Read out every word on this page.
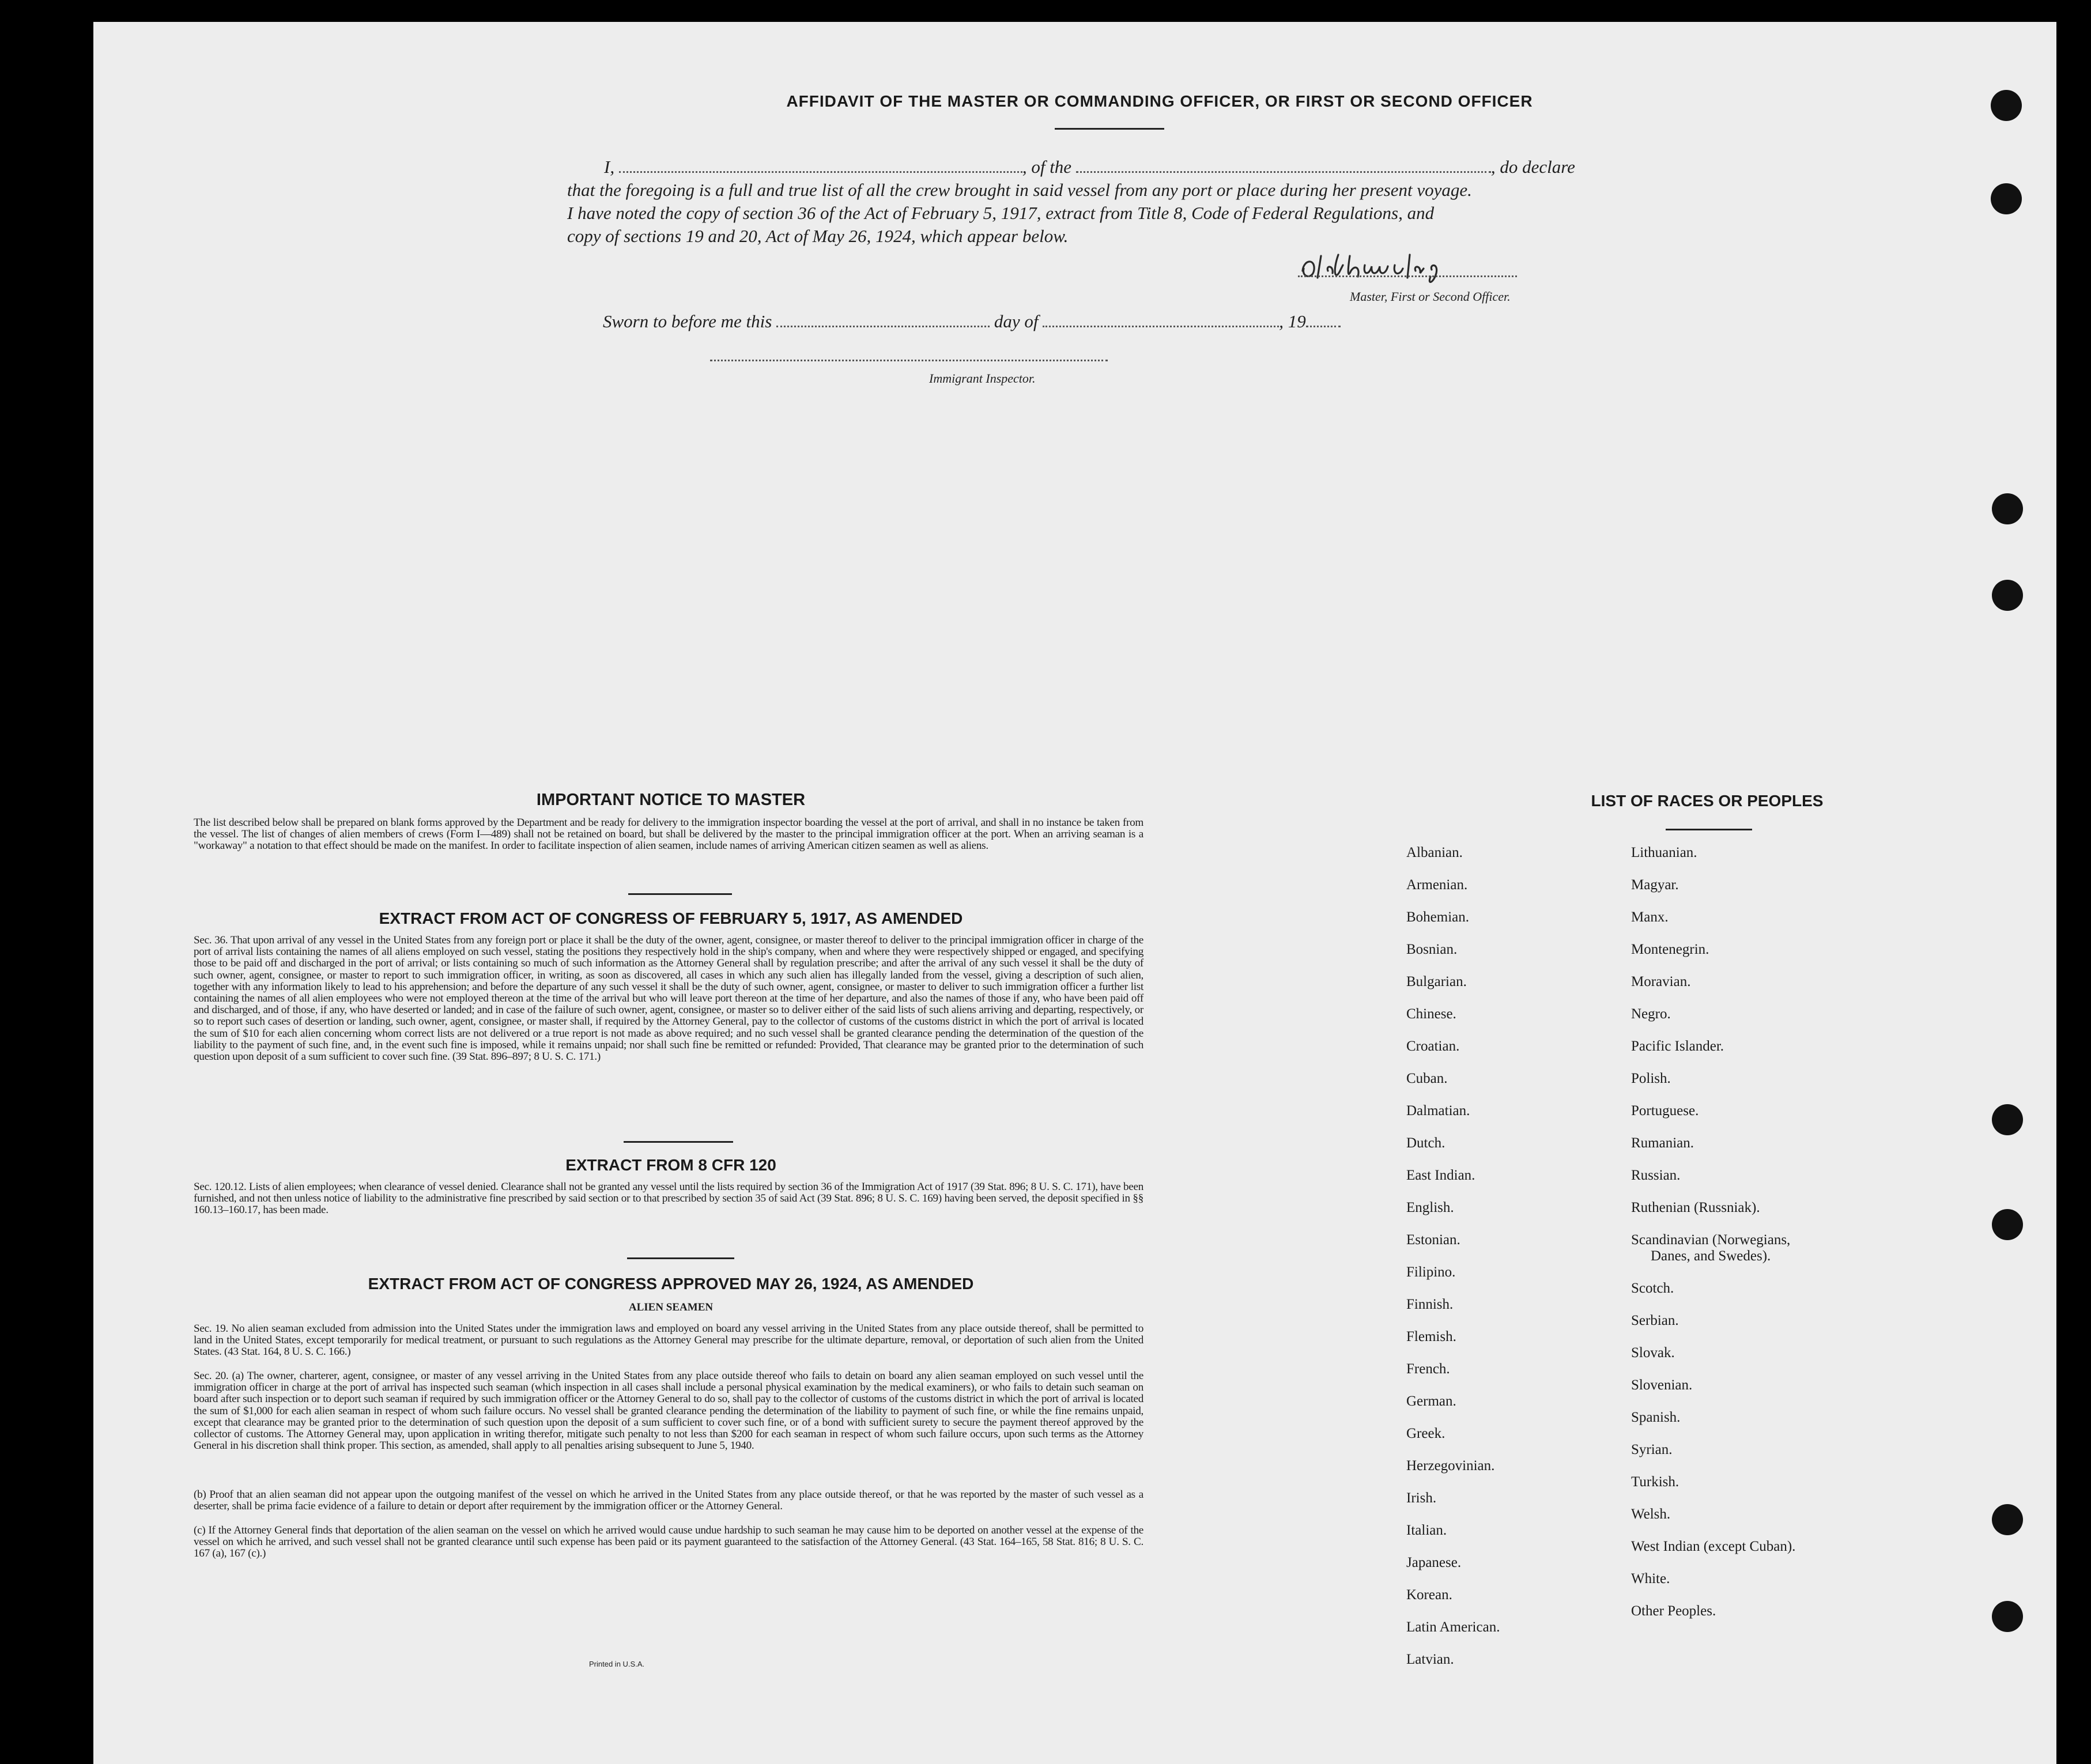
AFFIDAVIT OF THE MASTER OR COMMANDING OFFICER, OR FIRST OR SECOND OFFICER
I,	, of the	, do declare
that the foregoing is a full and true list of all the crew brought in said vessel from any port or place during her present voyage.
I have noted the copy of section 36 of the Act of February 5, 1917, extract from Title 8, Code of Federal Regulations, and
copy of sections 19 and 20, Act of May 26, 1924, which appear below.
Master, First or Second Officer.
Sworn to before me this	day of	, 19
Immigrant Inspector.
IMPORTANT NOTICE TO MASTER
The list described below shall be prepared on blank forms approved by the Department and be ready for delivery to the immigration inspector boarding the vessel at the port of arrival, and shall in no instance be taken from the vessel. The list of changes of alien members of crews (Form I—489) shall not be retained on board, but shall be delivered by the master to the principal immigration officer at the port. When an arriving seaman is a "workaway" a notation to that effect should be made on the manifest. In order to facilitate inspection of alien seamen, include names of arriving American citizen seamen as well as aliens.
EXTRACT FROM ACT OF CONGRESS OF FEBRUARY 5, 1917, AS AMENDED
Sec. 36. That upon arrival of any vessel in the United States from any foreign port or place it shall be the duty of the owner, agent, consignee, or master thereof to deliver to the principal immigration officer in charge of the port of arrival lists containing the names of all aliens employed on such vessel, stating the positions they respectively hold in the ship's company, when and where they were respectively shipped or engaged, and specifying those to be paid off and discharged in the port of arrival; or lists containing so much of such information as the Attorney General shall by regulation prescribe; and after the arrival of any such vessel it shall be the duty of such owner, agent, consignee, or master to report to such immigration officer, in writing, as soon as discovered, all cases in which any such alien has illegally landed from the vessel, giving a description of such alien, together with any information likely to lead to his apprehension; and before the departure of any such vessel it shall be the duty of such owner, agent, consignee, or master to deliver to such immigration officer a further list containing the names of all alien employees who were not employed thereon at the time of the arrival but who will leave port thereon at the time of her departure, and also the names of those if any, who have been paid off and discharged, and of those, if any, who have deserted or landed; and in case of the failure of such owner, agent, consignee, or master so to deliver either of the said lists of such aliens arriving and departing, respectively, or so to report such cases of desertion or landing, such owner, agent, consignee, or master shall, if required by the Attorney General, pay to the collector of customs of the customs district in which the port of arrival is located the sum of $10 for each alien concerning whom correct lists are not delivered or a true report is not made as above required; and no such vessel shall be granted clearance pending the determination of the question of the liability to the payment of such fine, and, in the event such fine is imposed, while it remains unpaid; nor shall such fine be remitted or refunded: Provided, That clearance may be granted prior to the determination of such question upon deposit of a sum sufficient to cover such fine. (39 Stat. 896–897; 8 U. S. C. 171.)
EXTRACT FROM 8 CFR 120
Sec. 120.12. Lists of alien employees; when clearance of vessel denied. Clearance shall not be granted any vessel until the lists required by section 36 of the Immigration Act of 1917 (39 Stat. 896; 8 U. S. C. 171), have been furnished, and not then unless notice of liability to the administrative fine prescribed by said section or to that prescribed by section 35 of said Act (39 Stat. 896; 8 U. S. C. 169) having been served, the deposit specified in §§ 160.13–160.17, has been made.
EXTRACT FROM ACT OF CONGRESS APPROVED MAY 26, 1924, AS AMENDED
ALIEN SEAMEN
Sec. 19. No alien seaman excluded from admission into the United States under the immigration laws and employed on board any vessel arriving in the United States from any place outside thereof, shall be permitted to land in the United States, except temporarily for medical treatment, or pursuant to such regulations as the Attorney General may prescribe for the ultimate departure, removal, or deportation of such alien from the United States. (43 Stat. 164, 8 U. S. C. 166.)
Sec. 20. (a) The owner, charterer, agent, consignee, or master of any vessel arriving in the United States from any place outside thereof who fails to detain on board any alien seaman employed on such vessel until the immigration officer in charge at the port of arrival has inspected such seaman (which inspection in all cases shall include a personal physical examination by the medical examiners), or who fails to detain such seaman on board after such inspection or to deport such seaman if required by such immigration officer or the Attorney General to do so, shall pay to the collector of customs of the customs district in which the port of arrival is located the sum of $1,000 for each alien seaman in respect of whom such failure occurs. No vessel shall be granted clearance pending the determination of the liability to payment of such fine, or while the fine remains unpaid, except that clearance may be granted prior to the determination of such question upon the deposit of a sum sufficient to cover such fine, or of a bond with sufficient surety to secure the payment thereof approved by the collector of customs. The Attorney General may, upon application in writing therefor, mitigate such penalty to not less than $200 for each seaman in respect of whom such failure occurs, upon such terms as the Attorney General in his discretion shall think proper. This section, as amended, shall apply to all penalties arising subsequent to June 5, 1940.
(b) Proof that an alien seaman did not appear upon the outgoing manifest of the vessel on which he arrived in the United States from any place outside thereof, or that he was reported by the master of such vessel as a deserter, shall be prima facie evidence of a failure to detain or deport after requirement by the immigration officer or the Attorney General.
(c) If the Attorney General finds that deportation of the alien seaman on the vessel on which he arrived would cause undue hardship to such seaman he may cause him to be deported on another vessel at the expense of the vessel on which he arrived, and such vessel shall not be granted clearance until such expense has been paid or its payment guaranteed to the satisfaction of the Attorney General. (43 Stat. 164–165, 58 Stat. 816; 8 U. S. C. 167 (a), 167 (c).)
Printed in U.S.A.
LIST OF RACES OR PEOPLES
Albanian.
Armenian.
Bohemian.
Bosnian.
Bulgarian.
Chinese.
Croatian.
Cuban.
Dalmatian.
Dutch.
East Indian.
English.
Estonian.
Filipino.
Finnish.
Flemish.
French.
German.
Greek.
Herzegovinian.
Irish.
Italian.
Japanese.
Korean.
Latin American.
Latvian.
Lithuanian.
Magyar.
Manx.
Montenegrin.
Moravian.
Negro.
Pacific Islander.
Polish.
Portuguese.
Rumanian.
Russian.
Ruthenian (Russniak).
Scandinavian (Norwegians,
Danes, and Swedes).
Scotch.
Serbian.
Slovak.
Slovenian.
Spanish.
Syrian.
Turkish.
Welsh.
West Indian (except Cuban).
White.
Other Peoples.
